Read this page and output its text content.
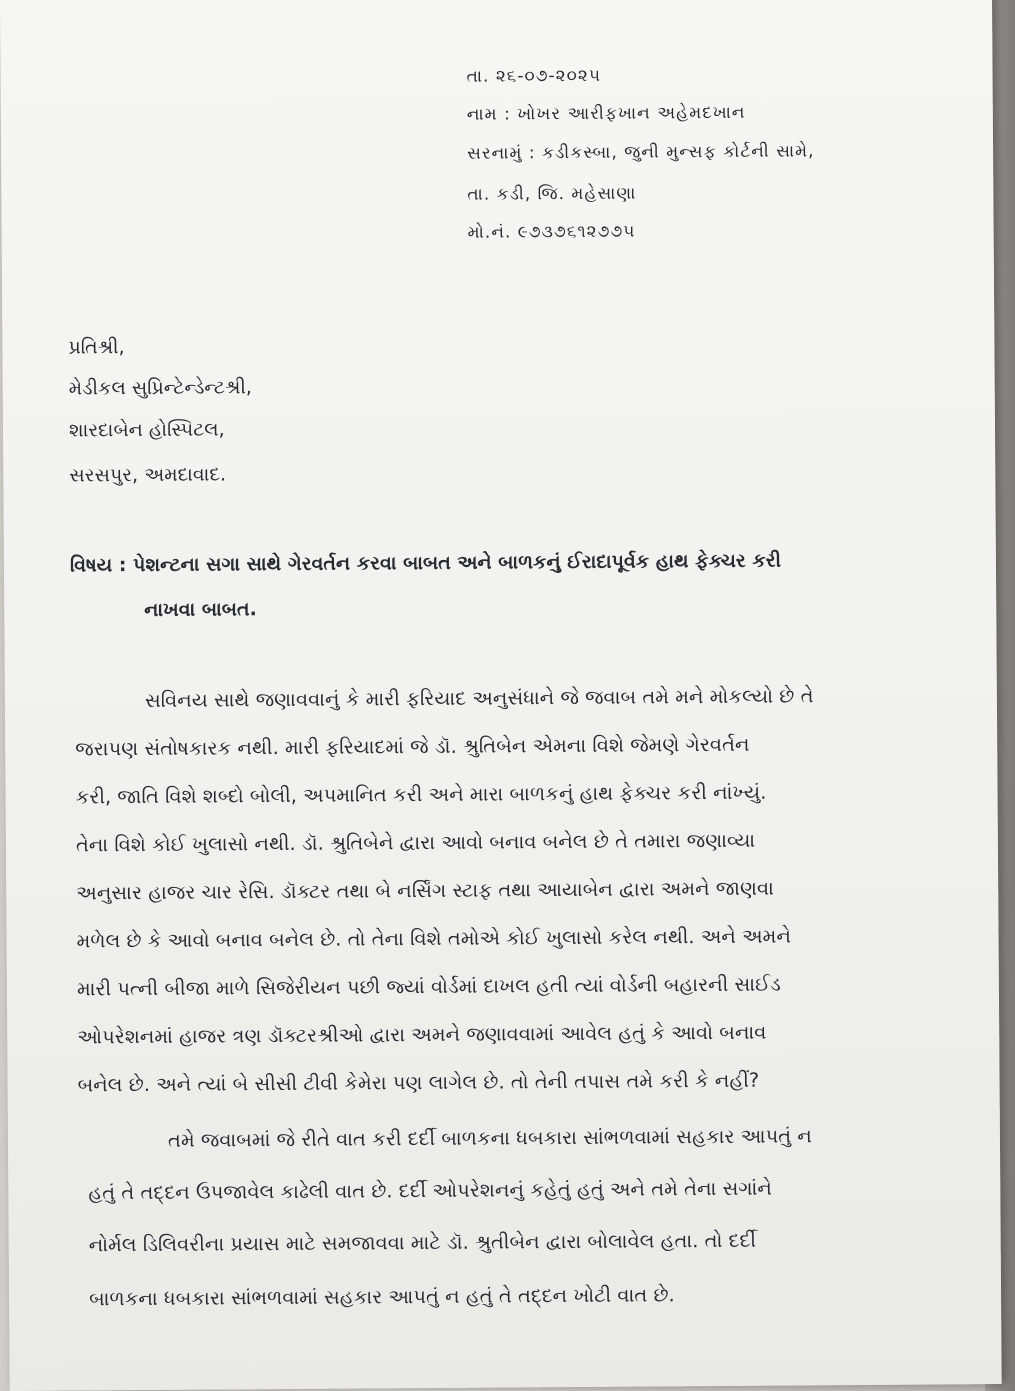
તા. ૨૬-૦૭-૨૦૨૫
નામ : ખોખર આરીફખાન અહેમદખાન
સરનામું : કડીકસ્બા, જુની મુન્સફ કોર્ટની સામે,
તા. કડી, જિ. મહેસાણા
મો.નં. ૯૭૩૭૬૧૨૭૭૫
પ્રતિશ્રી,
મેડીકલ સુપ્રિન્ટેન્ડેન્ટશ્રી,
શારદાબેન હોસ્પિટલ,
સરસપુર, અમદાવાદ.
વિષય : પેશન્ટના સગા સાથે ગેરવર્તન કરવા બાબત અને બાળકનું ઈરાદાપૂર્વક હાથ ફેક્ચર કરી
નાખવા બાબત.
સવિનય સાથે જણાવવાનું કે મારી ફરિયાદ અનુસંધાને જે જવાબ તમે મને મોકલ્યો છે તે
જરાપણ સંતોષકારક નથી. મારી ફરિયાદમાં જે ડૉ. શ્રુતિબેન એમના વિશે જેમણે ગેરવર્તન
કરી, જાતિ વિશે શબ્દો બોલી, અપમાનિત કરી અને મારા બાળકનું હાથ ફેક્ચર કરી નાંખ્યું.
તેના વિશે કોઈ ખુલાસો નથી. ડૉ. શ્રુતિબેને દ્વારા આવો બનાવ બનેલ છે તે તમારા જણાવ્યા
અનુસાર હાજર ચાર રેસિ. ડૉક્ટર તથા બે નર્સિંગ સ્ટાફ તથા આયાબેન દ્વારા અમને જાણવા
મળેલ છે કે આવો બનાવ બનેલ છે. તો તેના વિશે તમોએ કોઈ ખુલાસો કરેલ નથી. અને અમને
મારી પત્ની બીજા માળે સિજેરીયન પછી જ્યાં વોર્ડમાં દાખલ હતી ત્યાં વોર્ડની બહારની સાઈડ
ઓપરેશનમાં હાજર ત્રણ ડૉક્ટરશ્રીઓ દ્વારા અમને જણાવવામાં આવેલ હતું કે આવો બનાવ
બનેલ છે. અને ત્યાં બે સીસી ટીવી કેમેરા પણ લાગેલ છે. તો તેની તપાસ તમે કરી કે નહીં?
તમે જવાબમાં જે રીતે વાત કરી દર્દી બાળકના ધબકારા સાંભળવામાં સહકાર આપતું ન
હતું તે તદ્દન ઉપજાવેલ કાઢેલી વાત છે. દર્દી ઓપરેશનનું કહેતું હતું અને તમે તેના સગાંને
નોર્મલ ડિલિવરીના પ્રયાસ માટે સમજાવવા માટે ડૉ. શ્રુતીબેન દ્વારા બોલાવેલ હતા. તો દર્દી
બાળકના ધબકારા સાંભળવામાં સહકાર આપતું ન હતું તે તદ્દન ખોટી વાત છે.
